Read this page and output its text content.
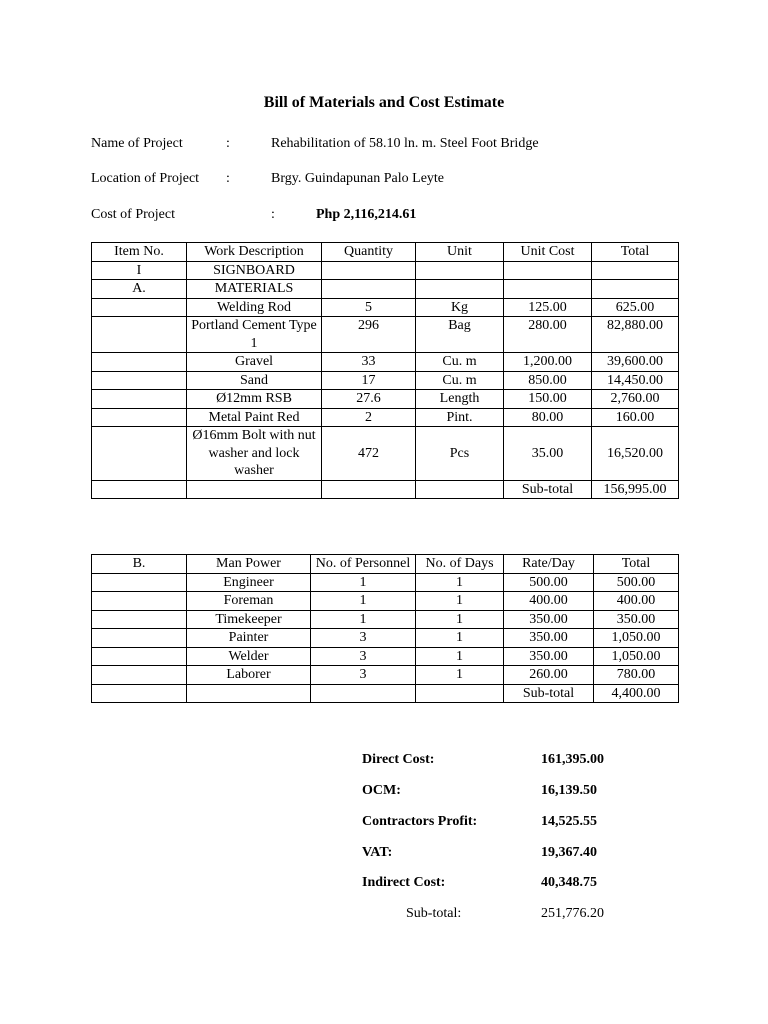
Bill of Materials and Cost Estimate
Name of Project	:	Rehabilitation of 58.10 ln. m. Steel Foot Bridge
Location of Project :	Brgy. Guindapunan Palo Leyte
Cost of Project	:	Php 2,116,214.61
Item No.	Work Description	Quantity	Unit	Unit Cost	Total
I	SIGNBOARD				
A.	MATERIALS				
	Welding Rod	5	Kg	125.00	625.00
	Portland Cement Type 1	296	Bag	280.00	82,880.00
	Gravel	33	Cu. m	1,200.00	39,600.00
	Sand	17	Cu. m	850.00	14,450.00
	Ø12mm RSB	27.6	Length	150.00	2,760.00
	Metal Paint Red	2	Pint.	80.00	160.00
	Ø16mm Bolt with nut washer and lock washer	472	Pcs	35.00	16,520.00
				Sub-total	156,995.00
B.	Man Power	No. of Personnel	No. of Days	Rate/Day	Total
	Engineer	1	1	500.00	500.00
	Foreman	1	1	400.00	400.00
	Timekeeper	1	1	350.00	350.00
	Painter	3	1	350.00	1,050.00
	Welder	3	1	350.00	1,050.00
	Laborer	3	1	260.00	780.00
				Sub-total	4,400.00
Direct Cost:	161,395.00
OCM:	16,139.50
Contractors Profit:	14,525.55
VAT:	19,367.40
Indirect Cost:	40,348.75
Sub-total:	251,776.20
